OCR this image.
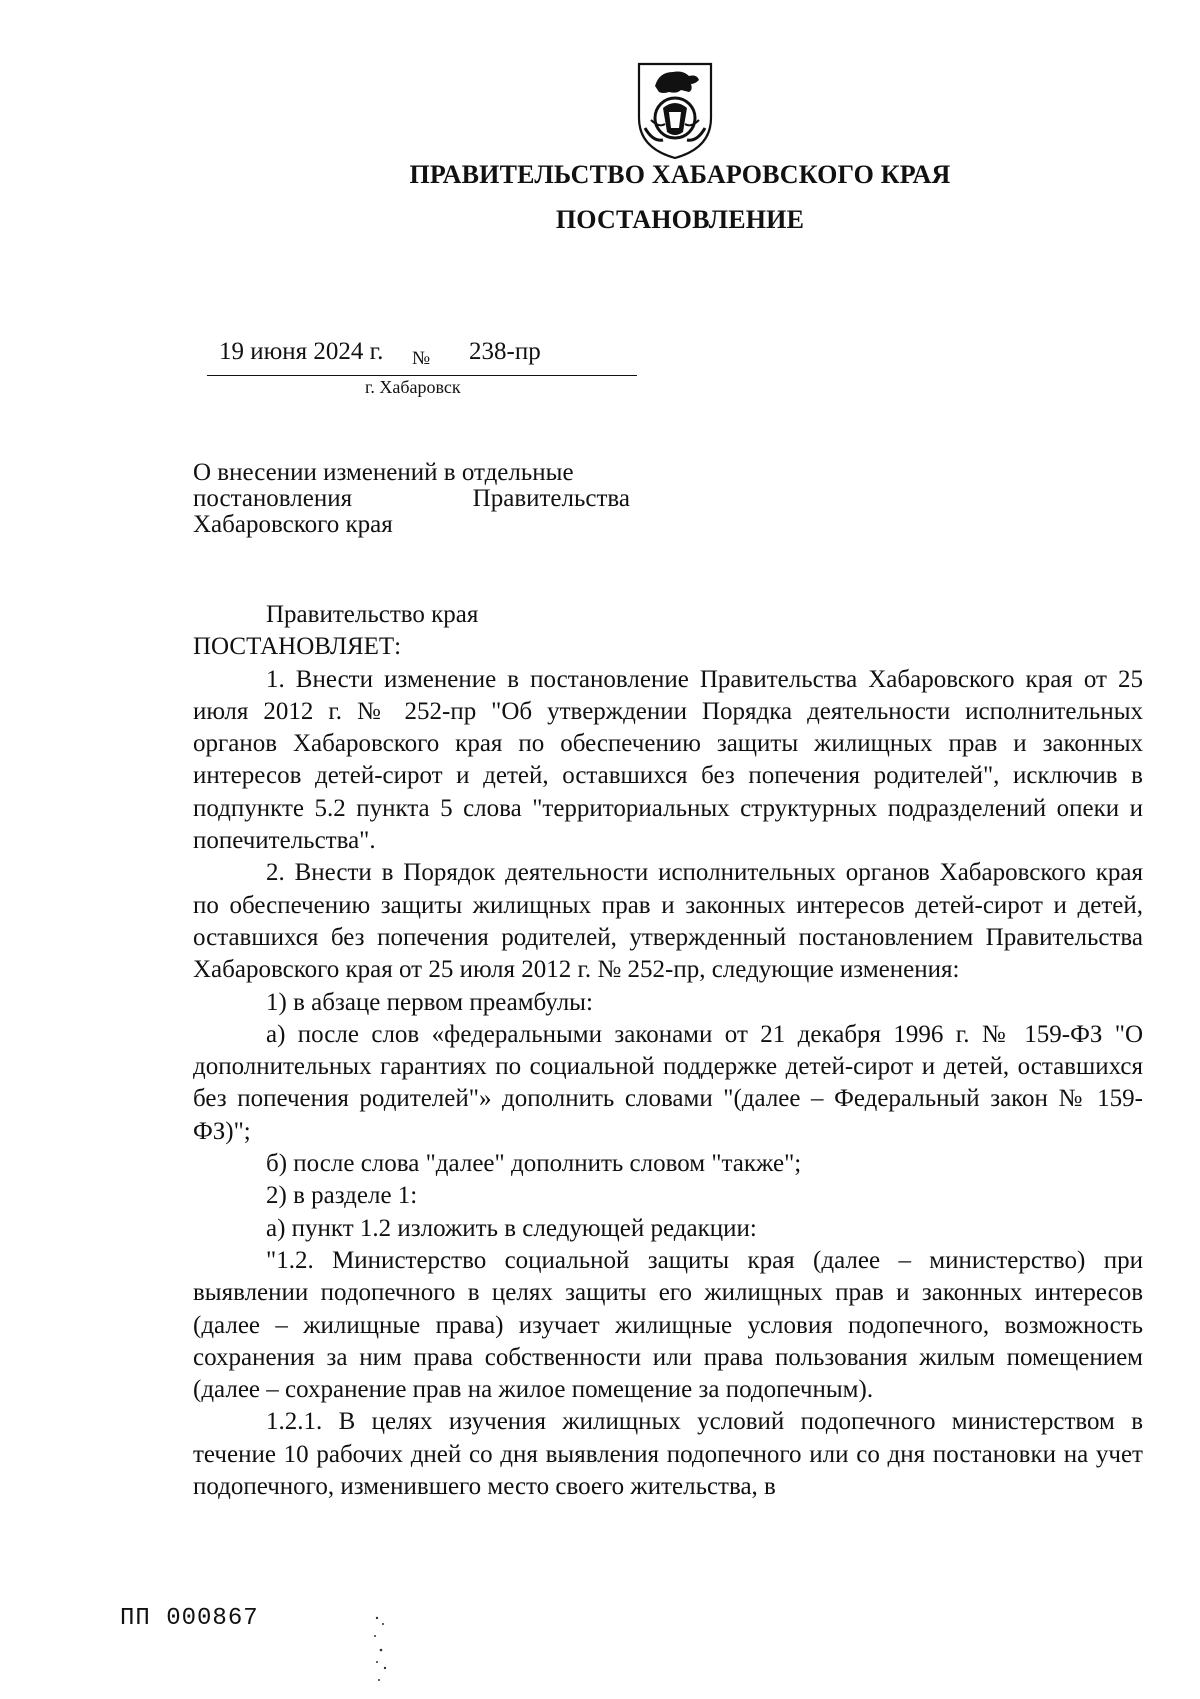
ПРАВИТЕЛЬСТВО ХАБАРОВСКОГО КРАЯ
ПОСТАНОВЛЕНИЕ
19 июня 2024 г. № 238-пр
г. Хабаровск
О внесении изменений в отдельные
постановления	Правительства
Хабаровского края

Правительство края

ПОСТАНОВЛЯЕТ:

1. Внести изменение в постановление Правительства Хабаровского края от 25 июля 2012 г. № 252-пр "Об утверждении Порядка деятельности исполнительных органов Хабаровского края по обеспечению защиты жилищных прав и законных интересов детей-сирот и детей, оставшихся без попечения родителей", исключив в подпункте 5.2 пункта 5 слова "территориальных структурных подразделений опеки и попечительства".

2. Внести в Порядок деятельности исполнительных органов Хабаровского края по обеспечению защиты жилищных прав и законных интересов детей-сирот и детей, оставшихся без попечения родителей, утвержденный постановлением Правительства Хабаровского края от 25 июля 2012 г. № 252-пр, следующие изменения:

1) в абзаце первом преамбулы:

а) после слов «федеральными законами от 21 декабря 1996 г. № 159-ФЗ "О дополнительных гарантиях по социальной поддержке детей-сирот и детей, оставшихся без попечения родителей"» дополнить словами "(далее – Федеральный закон № 159-ФЗ)";

б) после слова "далее" дополнить словом "также";

2) в разделе 1:

а) пункт 1.2 изложить в следующей редакции:

"1.2. Министерство социальной защиты края (далее – министерство) при выявлении подопечного в целях защиты его жилищных прав и законных интересов (далее – жилищные права) изучает жилищные условия подопечного, возможность сохранения за ним права собственности или права пользования жилым помещением (далее – сохранение прав на жилое помещение за подопечным).

1.2.1. В целях изучения жилищных условий подопечного министерством в течение 10 рабочих дней со дня выявления подопечного или со дня постановки на учет подопечного, изменившего место своего жительства, в

ПП 000867
